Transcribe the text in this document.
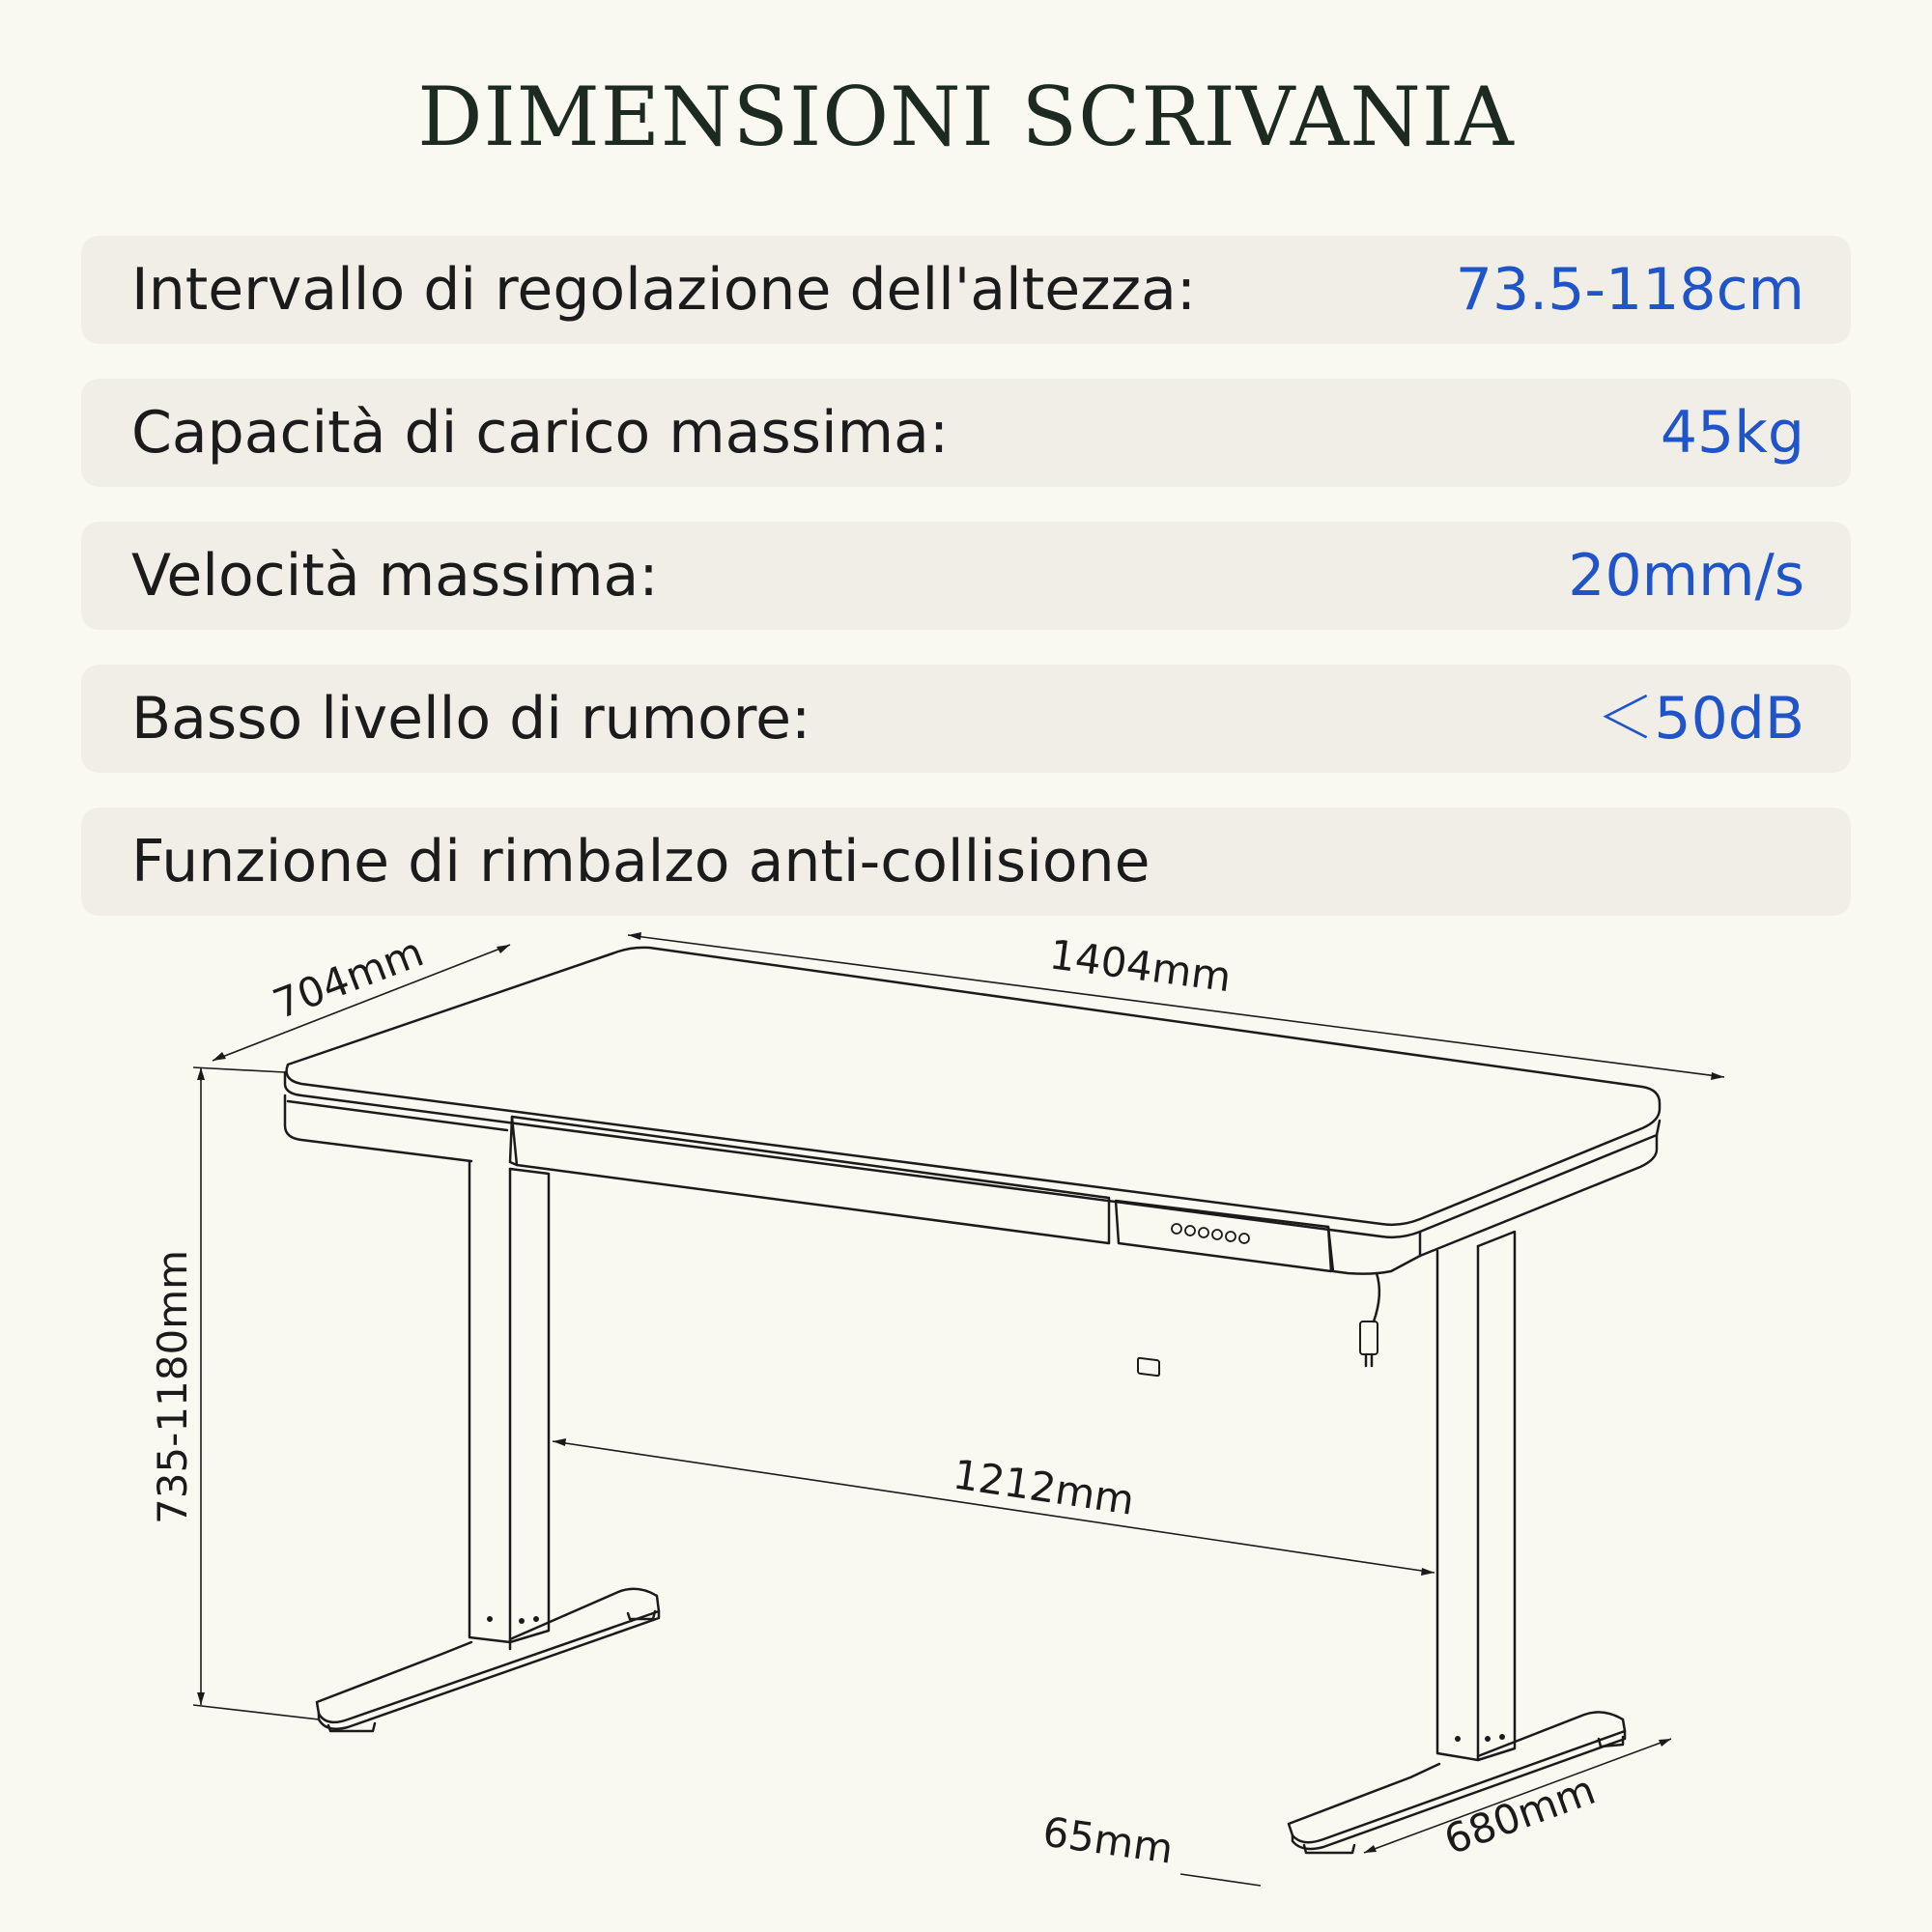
DIMENSIONI SCRIVANIA
Intervallo di regolazione dell'altezza:	73.5-118cm
Capacità di carico massima:	45kg
Velocità massima:	20mm/s
Basso livello di rumore:	＜50dB
Funzione di rimbalzo anti-collisione
704mm	1404mm
735-1180mm	1212mm
65mm	680mm
